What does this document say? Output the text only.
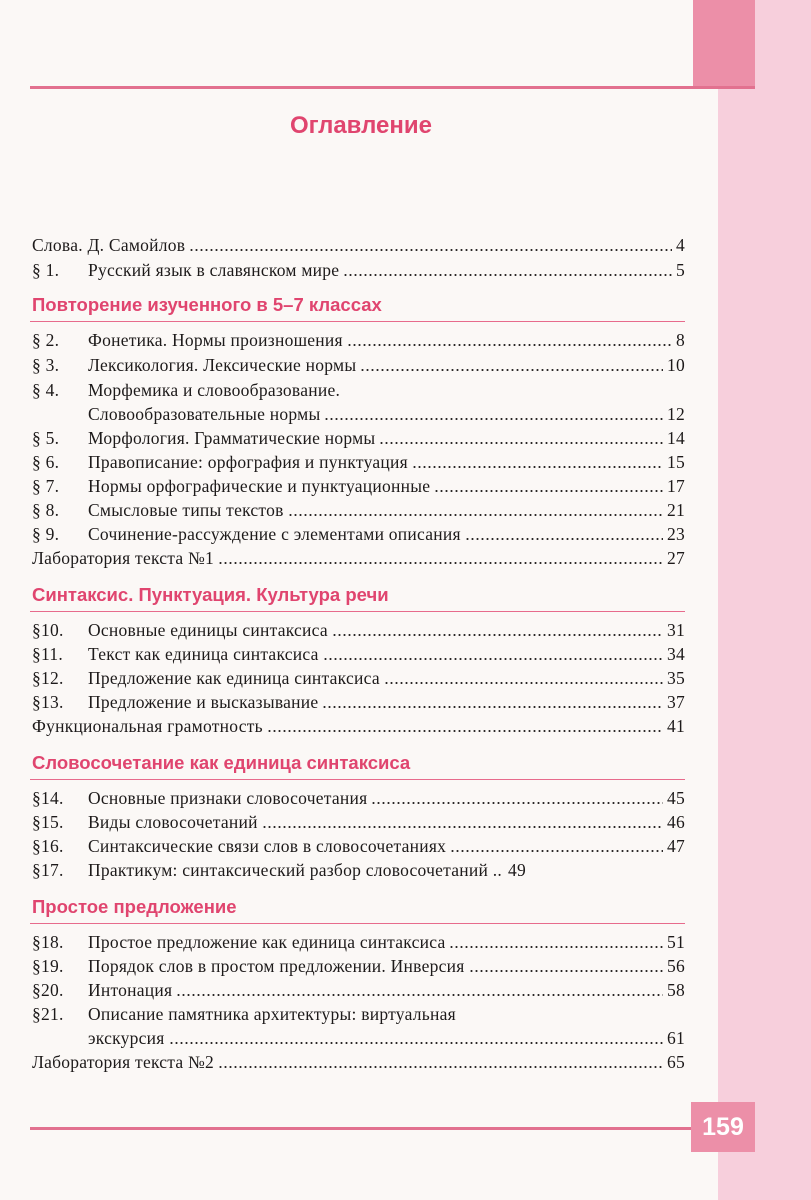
Оглавление
Слова. Д. Самойлов	4
§ 1.	Русский язык в славянском мире	5
Повторение изученного в 5–7 классах
§ 2.	Фонетика. Нормы произношения	8
§ 3.	Лексикология. Лексические нормы	10
§ 4.	Морфемика и словообразование.
Словообразовательные нормы	12
§ 5.	Морфология. Грамматические нормы	14
§ 6.	Правописание: орфография и пунктуация	15
§ 7.	Нормы орфографические и пунктуационные	17
§ 8.	Смысловые типы текстов	21
§ 9.	Сочинение-рассуждение с элементами описания	23
Лаборатория текста №1	27
Синтаксис. Пунктуация. Культура речи
§10.	Основные единицы синтаксиса	31
§11.	Текст как единица синтаксиса	34
§12.	Предложение как единица синтаксиса	35
§13.	Предложение и высказывание	37
Функциональная грамотность	41
Словосочетание как единица синтаксиса
§14.	Основные признаки словосочетания	45
§15.	Виды словосочетаний	46
§16.	Синтаксические связи слов в словосочетаниях	47
§17.	Практикум: синтаксический разбор словосочетаний .. 49
Простое предложение
§18.	Простое предложение как единица синтаксиса	51
§19.	Порядок слов в простом предложении. Инверсия	56
§20.	Интонация	58
§21.	Описание памятника архитектуры: виртуальная
экскурсия	61
Лаборатория текста №2	65
159
